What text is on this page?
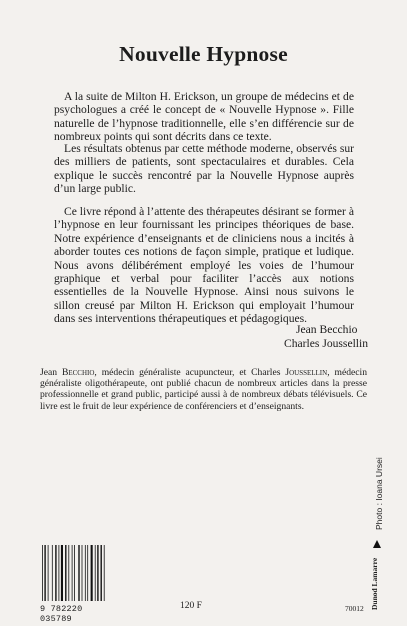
Nouvelle Hypnose

A la suite de Milton H. Erickson, un groupe de médecins et de psychologues a créé le concept de « Nouvelle Hypnose ». Fille naturelle de l’hypnose traditionnelle, elle s’en différencie sur de nombreux points qui sont décrits dans ce texte.

Les résultats obtenus par cette méthode moderne, observés sur des milliers de patients, sont spectaculaires et durables. Cela explique le succès rencontré par la Nouvelle Hypnose auprès d’un large public.

Ce livre répond à l’attente des thérapeutes désirant se former à l’hypnose en leur fournissant les principes théoriques de base. Notre expérience d’enseignants et de cliniciens nous a incités à aborder toutes ces notions de façon simple, pratique et ludique. Nous avons délibérément employé les voies de l’humour graphique et verbal pour faciliter l’accès aux notions essentielles de la Nouvelle Hypnose. Ainsi nous suivons le sillon creusé par Milton H. Erickson qui employait l’humour dans ses interventions thérapeutiques et pédagogiques.

Jean Becchio
Charles Joussellin
Jean Becchio, médecin généraliste acupuncteur, et Charles Joussellin, médecin généraliste oligothérapeute, ont publié chacun de nombreux articles dans la presse professionnelle et grand public, participé aussi à de nombreux débats télévisuels. Ce livre est le fruit de leur expérience de conférenciers et d’enseignants.
Photo : Ioana Ursei
Dunod Lamarre
9 782220 035789
120 F	70012
